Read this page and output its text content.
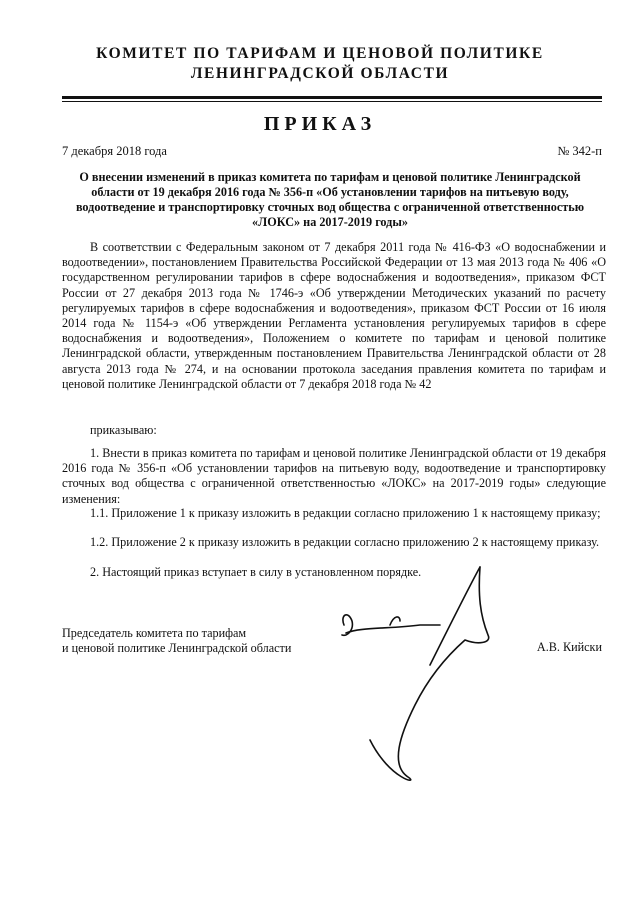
КОМИТЕТ ПО ТАРИФАМ И ЦЕНОВОЙ ПОЛИТИКЕ
ЛЕНИНГРАДСКОЙ ОБЛАСТИ
ПРИКАЗ
7 декабря 2018 года	№ 342-п
О внесении изменений в приказ комитета по тарифам и ценовой политике Ленинградской области от 19 декабря 2016 года № 356-п «Об установлении тарифов на питьевую воду, водоотведение и транспортировку сточных вод общества с ограниченной ответственностью «ЛОКС» на 2017-2019 годы»

В соответствии с Федеральным законом от 7 декабря 2011 года № 416-ФЗ «О водоснабжении и водоотведении», постановлением Правительства Российской Федерации от 13 мая 2013 года № 406 «О государственном регулировании тарифов в сфере водоснабжения и водоотведения», приказом ФСТ России от 27 декабря 2013 года № 1746-э «Об утверждении Методических указаний по расчету регулируемых тарифов в сфере водоснабжения и водоотведения», приказом ФСТ России от 16 июля 2014 года № 1154-э «Об утверждении Регламента установления регулируемых тарифов в сфере водоснабжения и водоотведения», Положением о комитете по тарифам и ценовой политике Ленинградской области, утвержденным постановлением Правительства Ленинградской области от 28 августа 2013 года № 274, и на основании протокола заседания правления комитета по тарифам и ценовой политике Ленинградской области от 7 декабря 2018 года № 42

приказываю:

1. Внести в приказ комитета по тарифам и ценовой политике Ленинградской области от 19 декабря 2016 года № 356-п «Об установлении тарифов на питьевую воду, водоотведение и транспортировку сточных вод общества с ограниченной ответственностью «ЛОКС» на 2017-2019 годы» следующие изменения:

1.1. Приложение 1 к приказу изложить в редакции согласно приложению 1 к настоящему приказу;

1.2. Приложение 2 к приказу изложить в редакции согласно приложению 2 к настоящему приказу.

2. Настоящий приказ вступает в силу в установленном порядке.

Председатель комитета по тарифам
и ценовой политике Ленинградской области	А.В. Кийски
